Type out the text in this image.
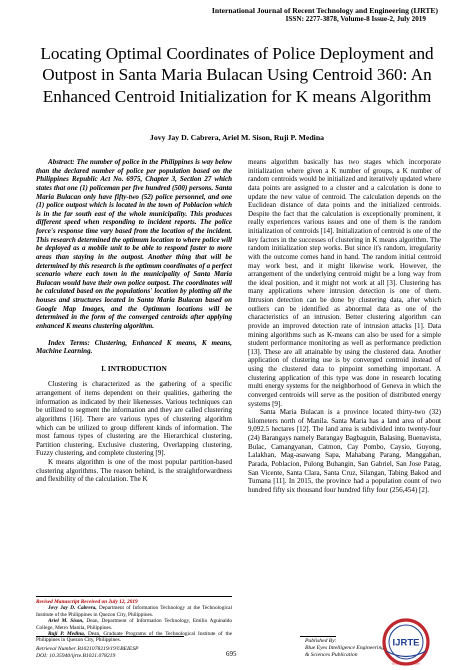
International Journal of Recent Technology and Engineering (IJRTE)
ISSN: 2277-3878, Volume-8 Issue-2, July 2019
Locating Optimal Coordinates of Police Deployment and Outpost in Santa Maria Bulacan Using Centroid 360: An Enhanced Centroid Initialization for K means Algorithm
Jovy Jay D. Cabrera, Ariel M. Sison, Ruji P. Medina

Abstract: The number of police in the Philippines is way below than the declared number of police per population based on the Philippines Republic Act No. 6975, Chapter 3, Section 27 which states that one (1) policeman per five hundred (500) persons. Santa Maria Bulacan only have fifty-two (52) police personnel, and one (1) police outpost which is located in the town of Poblacion which is in the far south east of the whole municipality. This produces different speed when responding to incident reports. The police force's response time vary based from the location of the incident. This research determined the optimum location to where police will be deployed as a mobile unit to be able to respond faster to more areas than staying in the outpost. Another thing that will be determined by this research is the optimum coordinates of a perfect scenario where each town in the municipality of Santa Maria Bulacan would have their own police outpost. The coordinates will be calculated based on the populations' location by plotting all the houses and structures located in Santa Maria Bulacan based on Google Map Images, and the Optimum locations will be determined in the form of the converged centroids after applying enhanced K means clustering algorithm.

Index Terms: Clustering, Enhanced K means, K means, Machine Learning.

I. INTRODUCTION

Clustering is characterized as the gathering of a specific arrangement of items dependent on their qualities, gathering the information as indicated by their likenesses. Various techniques can be utilized to segment the information and they are called clustering algorithms [16]. There are various types of clustering algorithm which can be utilized to group different kinds of information. The most famous types of clustering are the Hierarchical clustering, Partition clustering, Exclusive clustering, Overlapping clustering, Fuzzy clustering, and complete clustering [9].

K means algorithm is one of the most popular partition-based clustering algorithms. The reason behind, is the straightforwardness and flexibility of the calculation. The K

means algorithm basically has two stages which incorporate initialization where given a K number of groups, a K number of random centroids would be initialized and iteratively updated where data points are assigned to a cluster and a calculation is done to update the new value of centroid. The calculation depends on the Euclidean distance of data points and the initialized centroids. Despite the fact that the calculation is exceptionally prominent, it really experiences various issues and one of them is the random initialization of centroids [14]. Initialization of centroid is one of the key factors in the successes of clustering in K means algorithm. The random initialization step works. But since it's random, irregularity with the outcome comes hand in hand. The random initial centroid may work best, and it might likewise work. However, the arrangement of the underlying centroid might be a long way from the ideal position, and it might not work at all [3]. Clustering has many applications where intrusion detection is one of them. Intrusion detection can be done by clustering data, after which outliers can be identified as abnormal data as one of the characteristics of an intrusion. Better clustering algorithm can provide an improved detection rate of intrusion attacks [1]. Data mining algorithms such as K-means can also be used for a simple student performance monitoring as well as performance prediction [13]. These are all attainable by using the clustered data. Another application of clustering use is by converged centroid instead of using the clustered data to pinpoint something important. A clustering application of this type was done in research locating multi energy systems for the neighborhood of Geneva in which the converged centroids will serve as the position of distributed energy systems [9].

Santa Maria Bulacan is a province located thirty-two (32) kilometers north of Manila. Santa Maria has a land area of about 9,092.5 hectares [12]. The land area is subdivided into twenty-four (24) Barangays namely Barangay Bagbaguin, Balasing, Buenavista, Bulac, Camangyanan, Catmon, Cay Pombo, Caysio, Guyong, Lalakhan, Mag-asawang Sapa, Mahabang Parang, Manggahan, Parada, Poblacion, Pulong Buhangin, San Gabriel, San Jose Patag, San Vicente, Santa Clara, Santa Cruz, Silangan, Tabing Bakod and Tumana [11]. In 2015, the province had a population count of two hundred fifty six thousand four hundred fifty four (256,454) [2].

Revised Manuscript Received on July 12, 2019

Jovy Jay D. Cabrera, Department of Information Technology at the Technological Institute of the Philippines in Quezon City, Philippines.

Ariel M. Sison, Dean, Department of Information Technology, Emilio Aguinaldo College, Metro Manila, Philippines.

Ruji P. Medina, Dean, Graduate Programs of the Technological Institute of the Philippines in Quezon City, Philippines.

Retrieval Number B1021078219/19©BEIESP
DOI: 10.35940/ijrte.B1021.078219	695
Published By:
Blue Eyes Intelligence Engineering
& Sciences Publication
IJRTE
Exploring Innovation
